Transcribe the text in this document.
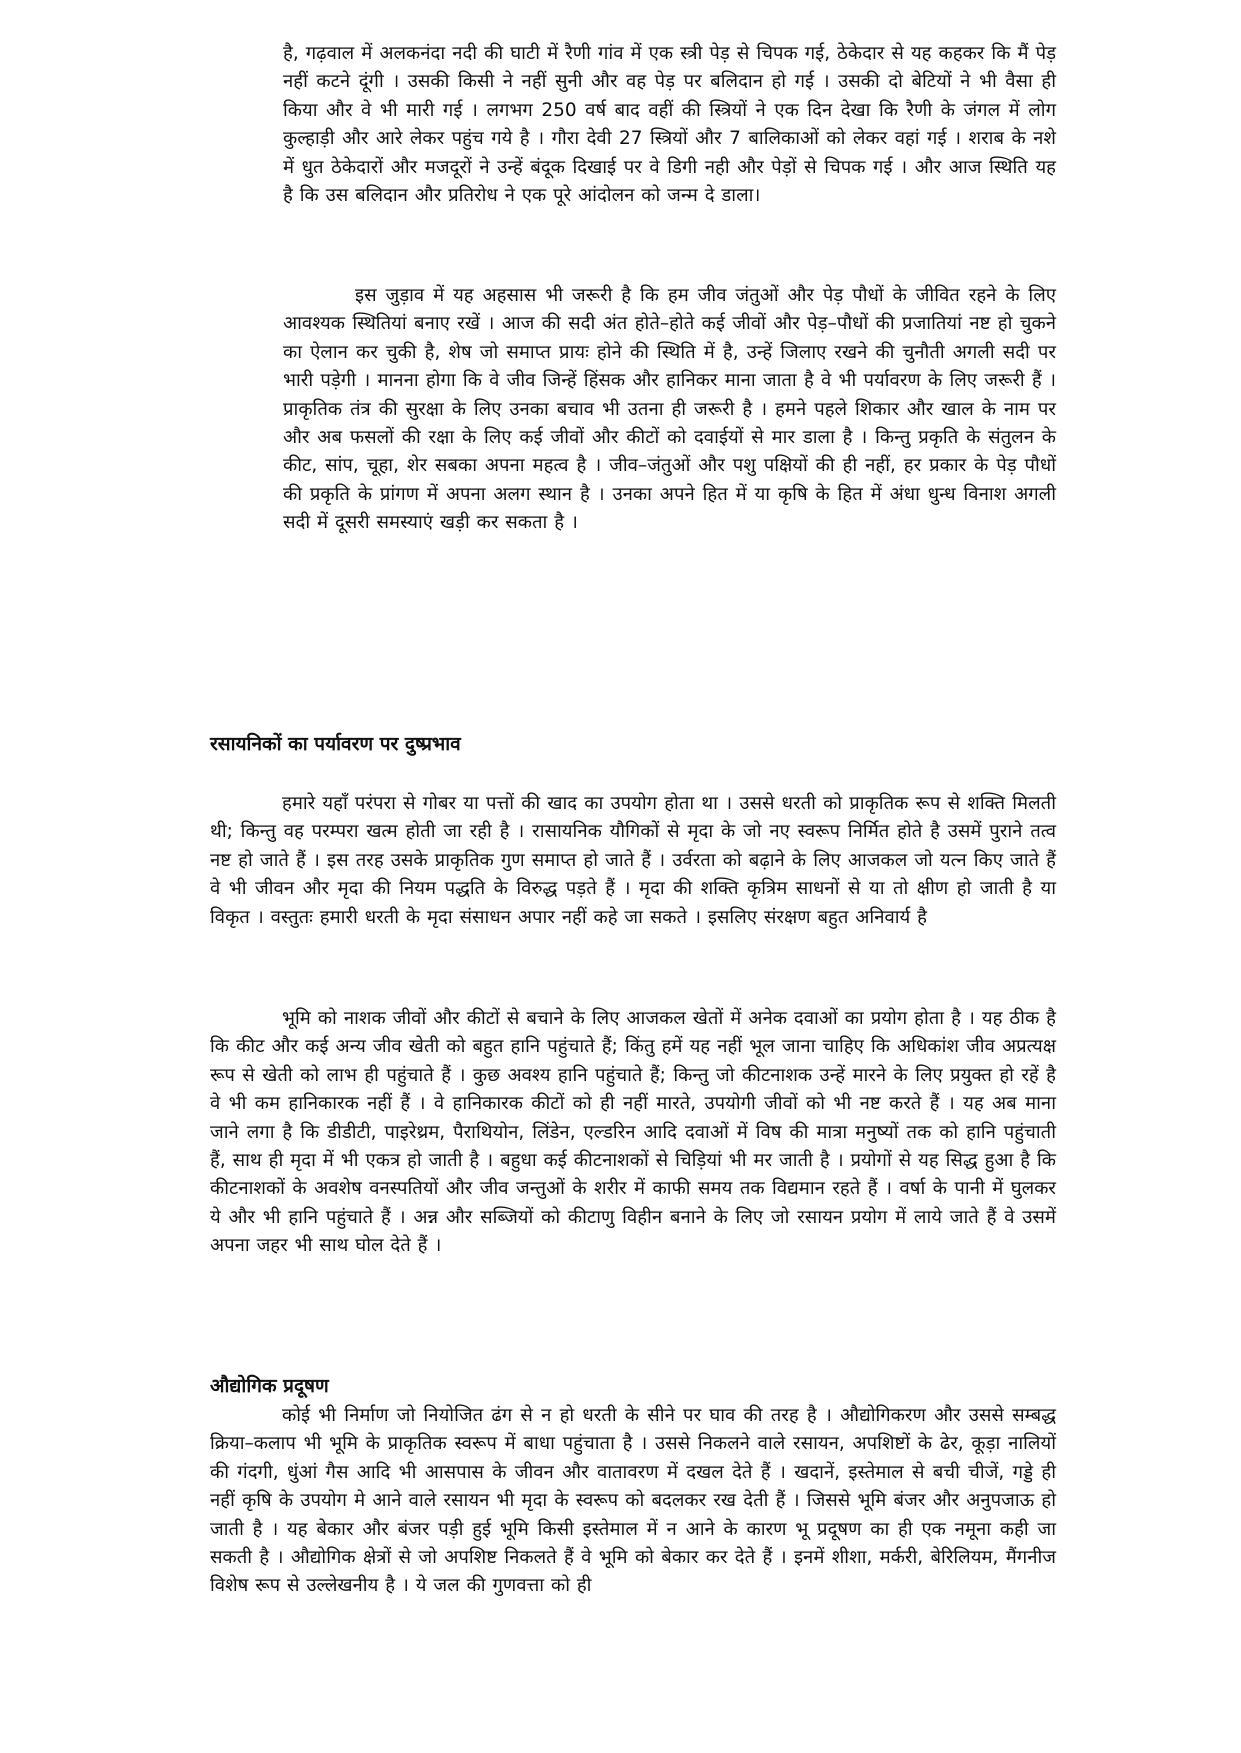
है, गढ़वाल में अलकनंदा नदी की घाटी में रैणी गांव में एक स्त्री पेड़ से चिपक गई, ठेकेदार से यह कहकर कि मैं पेड़ नहीं कटने दूंगी । उसकी किसी ने नहीं सुनी और वह पेड़ पर बलिदान हो गई । उसकी दो बेटियों ने भी वैसा ही किया और वे भी मारी गई । लगभग 250 वर्ष बाद वहीं की स्त्रियों ने एक दिन देखा कि रैणी के जंगल में लोग कुल्हाड़ी और आरे लेकर पहुंच गये है । गौरा देवी 27 स्त्रियों और 7 बालिकाओं को लेकर वहां गई । शराब के नशे में धुत ठेकेदारों और मजदूरों ने उन्हें बंदूक दिखाई पर वे डिगी नही और पेड़ों से चिपक गई । और आज स्थिति यह है कि उस बलिदान और प्रतिरोध ने एक पूरे आंदोलन को जन्म दे डाला।

इस जुड़ाव में यह अहसास भी जरूरी है कि हम जीव जंतुओं और पेड़ पौधों के जीवित रहने के लिए आवश्यक स्थितियां बनाए रखें । आज की सदी अंत होते–होते कई जीवों और पेड़–पौधों की प्रजातियां नष्ट हो चुकने का ऐलान कर चुकी है, शेष जो समाप्त प्रायः होने की स्थिति में है, उन्हें जिलाए रखने की चुनौती अगली सदी पर भारी पड़ेगी । मानना होगा कि वे जीव जिन्हें हिंसक और हानिकर माना जाता है वे भी पर्यावरण के लिए जरूरी हैं । प्राकृतिक तंत्र की सुरक्षा के लिए उनका बचाव भी उतना ही जरूरी है । हमने पहले शिकार और खाल के नाम पर और अब फसलों की रक्षा के लिए कई जीवों और कीटों को दवाईयों से मार डाला है । किन्तु प्रकृति के संतुलन के कीट, सांप, चूहा, शेर सबका अपना महत्व है । जीव–जंतुओं और पशु पक्षियों की ही नहीं, हर प्रकार के पेड़ पौधों की प्रकृति के प्रांगण में अपना अलग स्थान है । उनका अपने हित में या कृषि के हित में अंधा धुन्ध विनाश अगली सदी में दूसरी समस्याएं खड़ी कर सकता है ।

रसायनिकों का पर्यावरण पर दुष्प्रभाव

हमारे यहाँ परंपरा से गोबर या पत्तों की खाद का उपयोग होता था । उससे धरती को प्राकृतिक रूप से शक्ति मिलती थी; किन्तु वह परम्परा खत्म होती जा रही है । रासायनिक यौगिकों से मृदा के जो नए स्वरूप निर्मित होते है उसमें पुराने तत्व नष्ट हो जाते हैं । इस तरह उसके प्राकृतिक गुण समाप्त हो जाते हैं । उर्वरता को बढ़ाने के लिए आजकल जो यत्न किए जाते हैं वे भी जीवन और मृदा की नियम पद्धति के विरुद्ध पड़ते हैं । मृदा की शक्ति कृत्रिम साधनों से या तो क्षीण हो जाती है या विकृत । वस्तुतः हमारी धरती के मृदा संसाधन अपार नहीं कहे जा सकते । इसलिए संरक्षण बहुत अनिवार्य है

भूमि को नाशक जीवों और कीटों से बचाने के लिए आजकल खेतों में अनेक दवाओं का प्रयोग होता है । यह ठीक है कि कीट और कई अन्य जीव खेती को बहुत हानि पहुंचाते हैं; किंतु हमें यह नहीं भूल जाना चाहिए कि अधिकांश जीव अप्रत्यक्ष रूप से खेती को लाभ ही पहुंचाते हैं । कुछ अवश्य हानि पहुंचाते हैं; किन्तु जो कीटनाशक उन्हें मारने के लिए प्रयुक्त हो रहें है वे भी कम हानिकारक नहीं हैं । वे हानिकारक कीटों को ही नहीं मारते, उपयोगी जीवों को भी नष्ट करते हैं । यह अब माना जाने लगा है कि डीडीटी, पाइरेथ्रम, पैराथियोन, लिंडेन, एल्डरिन आदि दवाओं में विष की मात्रा मनुष्यों तक को हानि पहुंचाती हैं, साथ ही मृदा में भी एकत्र हो जाती है । बहुधा कई कीटनाशकों से चिड़ियां भी मर जाती है । प्रयोगों से यह सिद्ध हुआ है कि कीटनाशकों के अवशेष वनस्पतियों और जीव जन्तुओं के शरीर में काफी समय तक विद्यमान रहते हैं । वर्षा के पानी में घुलकर ये और भी हानि पहुंचाते हैं । अन्न और सब्जियों को कीटाणु विहीन बनाने के लिए जो रसायन प्रयोग में लाये जाते हैं वे उसमें अपना जहर भी साथ घोल देते हैं ।

औद्योगिक प्रदूषण

कोई भी निर्माण जो नियोजित ढंग से न हो धरती के सीने पर घाव की तरह है । औद्योगिकरण और उससे सम्बद्ध क्रिया–कलाप भी भूमि के प्राकृतिक स्वरूप में बाधा पहुंचाता है । उससे निकलने वाले रसायन, अपशिष्टों के ढेर, कूड़ा नालियों की गंदगी, धुंआं गैस आदि भी आसपास के जीवन और वातावरण में दखल देते हैं । खदानें, इस्तेमाल से बची चीजें, गड्डे ही नहीं कृषि के उपयोग मे आने वाले रसायन भी मृदा के स्वरूप को बदलकर रख देती हैं । जिससे भूमि बंजर और अनुपजाऊ हो जाती है । यह बेकार और बंजर पड़ी हुई भूमि किसी इस्तेमाल में न आने के कारण भू प्रदूषण का ही एक नमूना कही जा सकती है । औद्योगिक क्षेत्रों से जो अपशिष्ट निकलते हैं वे भूमि को बेकार कर देते हैं । इनमें शीशा, मर्करी, बेरिलियम, मैंगनीज विशेष रूप से उल्लेखनीय है । ये जल की गुणवत्ता को ही
